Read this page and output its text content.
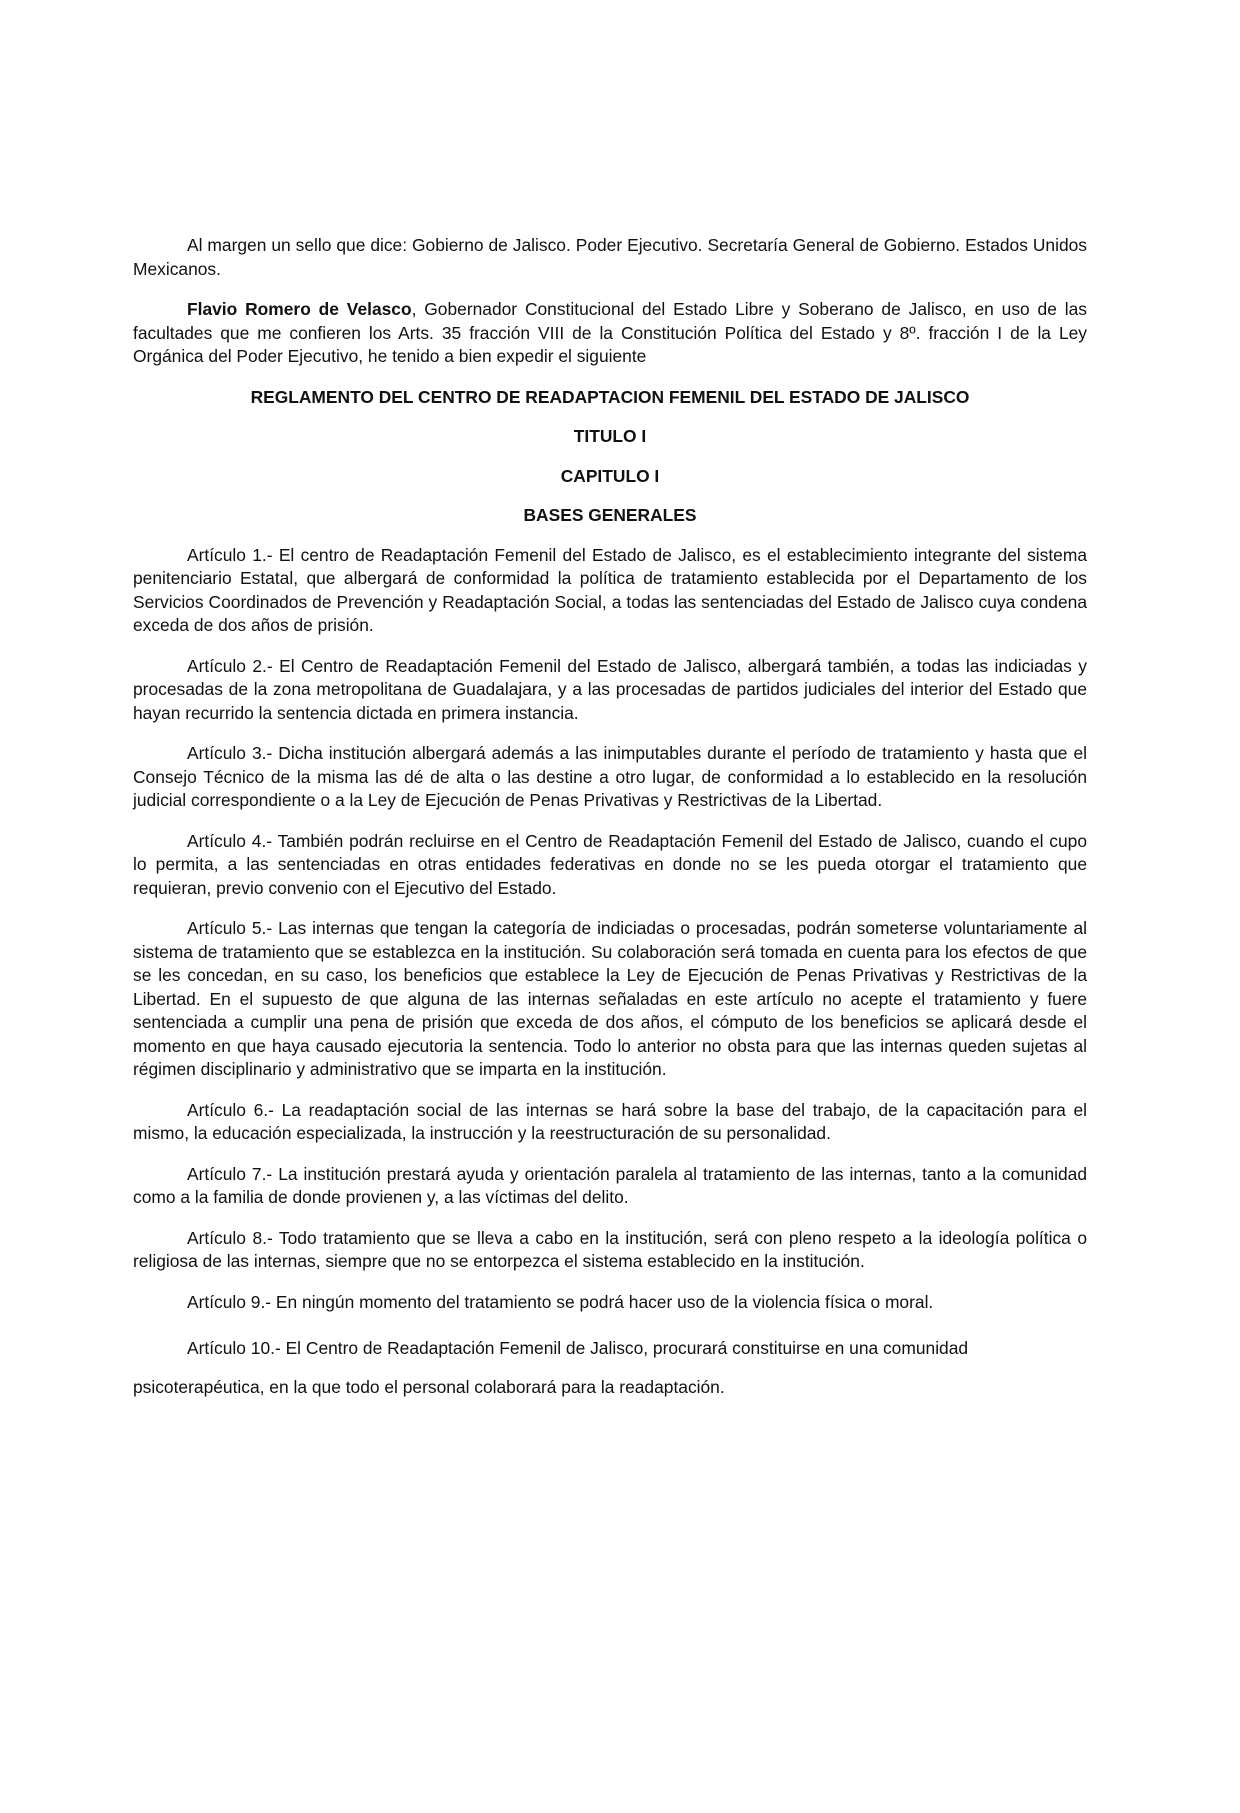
Al margen un sello que dice: Gobierno de Jalisco. Poder Ejecutivo. Secretaría General de Gobierno. Estados Unidos Mexicanos.

Flavio Romero de Velasco, Gobernador Constitucional del Estado Libre y Soberano de Jalisco, en uso de las facultades que me confieren los Arts. 35 fracción VIII de la Constitución Política del Estado y 8º. fracción I de la Ley Orgánica del Poder Ejecutivo, he tenido a bien expedir el siguiente

REGLAMENTO DEL CENTRO DE READAPTACION FEMENIL DEL ESTADO DE JALISCO

TITULO I

CAPITULO I

BASES GENERALES

Artículo 1.- El centro de Readaptación Femenil del Estado de Jalisco, es el establecimiento integrante del sistema penitenciario Estatal, que albergará de conformidad la política de tratamiento establecida por el Departamento de los Servicios Coordinados de Prevención y Readaptación Social, a todas las sentenciadas del Estado de Jalisco cuya condena exceda de dos años de prisión.

Artículo 2.- El Centro de Readaptación Femenil del Estado de Jalisco, albergará también, a todas las indiciadas y procesadas de la zona metropolitana de Guadalajara, y a las procesadas de partidos judiciales del interior del Estado que hayan recurrido la sentencia dictada en primera instancia.

Artículo 3.- Dicha institución albergará además a las inimputables durante el período de tratamiento y hasta que el Consejo Técnico de la misma las dé de alta o las destine a otro lugar, de conformidad a lo establecido en la resolución judicial correspondiente o a la Ley de Ejecución de Penas Privativas y Restrictivas de la Libertad.

Artículo 4.- También podrán recluirse en el Centro de Readaptación Femenil del Estado de Jalisco, cuando el cupo lo permita, a las sentenciadas en otras entidades federativas en donde no se les pueda otorgar el tratamiento que requieran, previo convenio con el Ejecutivo del Estado.

Artículo 5.- Las internas que tengan la categoría de indiciadas o procesadas, podrán someterse voluntariamente al sistema de tratamiento que se establezca en la institución. Su colaboración será tomada en cuenta para los efectos de que se les concedan, en su caso, los beneficios que establece la Ley de Ejecución de Penas Privativas y Restrictivas de la Libertad. En el supuesto de que alguna de las internas señaladas en este artículo no acepte el tratamiento y fuere sentenciada a cumplir una pena de prisión que exceda de dos años, el cómputo de los beneficios se aplicará desde el momento en que haya causado ejecutoria la sentencia. Todo lo anterior no obsta para que las internas queden sujetas al régimen disciplinario y administrativo que se imparta en la institución.

Artículo 6.- La readaptación social de las internas se hará sobre la base del trabajo, de la capacitación para el mismo, la educación especializada, la instrucción y la reestructuración de su personalidad.

Artículo 7.- La institución prestará ayuda y orientación paralela al tratamiento de las internas, tanto a la comunidad como a la familia de donde provienen y, a las víctimas del delito.

Artículo 8.- Todo tratamiento que se lleva a cabo en la institución, será con pleno respeto a la ideología política o religiosa de las internas, siempre que no se entorpezca el sistema establecido en la institución.

Artículo 9.- En ningún momento del tratamiento se podrá hacer uso de la violencia física o moral.

Artículo 10.- El Centro de Readaptación Femenil de Jalisco, procurará constituirse en una comunidad psicoterapéutica, en la que todo el personal colaborará para la readaptación.
